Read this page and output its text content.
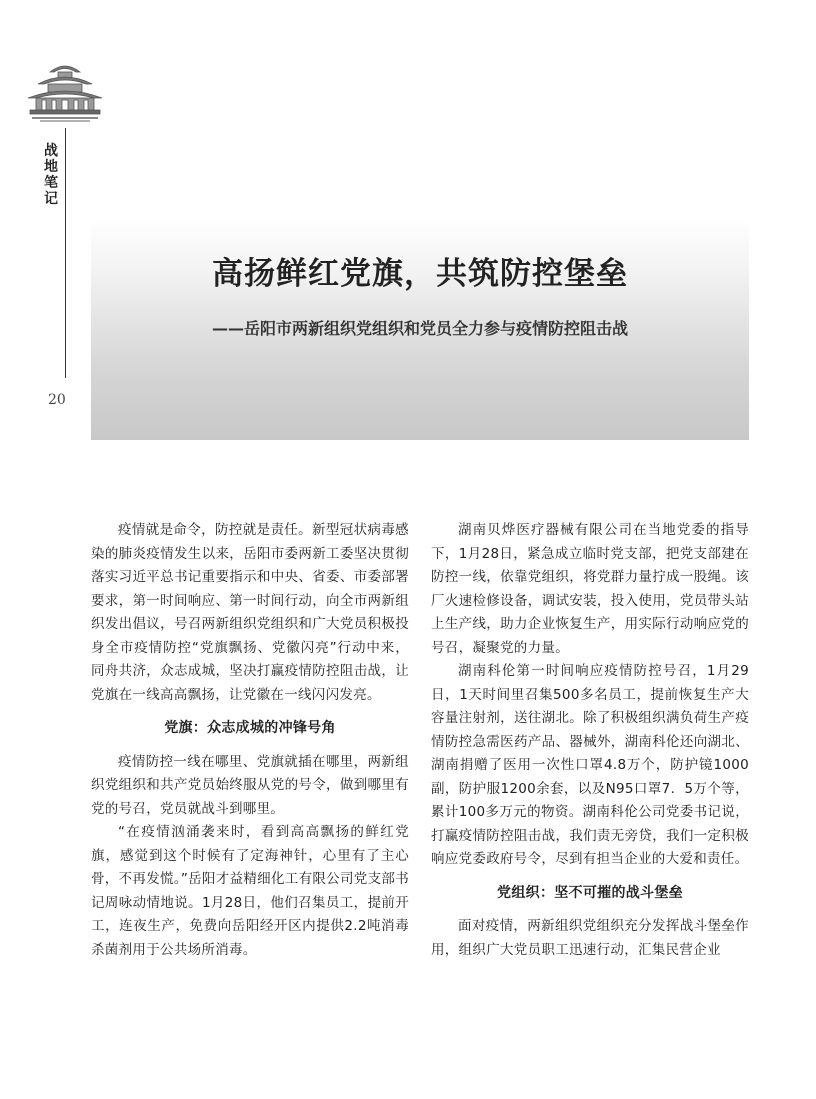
战
地
笔
记
20
高扬鲜红党旗，共筑防控堡垒
——岳阳市两新组织党组织和党员全力参与疫情防控阻击战

疫情就是命令，防控就是责任。新型冠状病毒感染的肺炎疫情发生以来，岳阳市委两新工委坚决贯彻落实习近平总书记重要指示和中央、省委、市委部署要求，第一时间响应、第一时间行动，向全市两新组织发出倡议，号召两新组织党组织和广大党员积极投身全市疫情防控“党旗飘扬、党徽闪亮”行动中来，同舟共济，众志成城，坚决打赢疫情防控阻击战，让党旗在一线高高飘扬，让党徽在一线闪闪发亮。

党旗：众志成城的冲锋号角

疫情防控一线在哪里、党旗就插在哪里，两新组织党组织和共产党员始终服从党的号令，做到哪里有党的号召，党员就战斗到哪里。

“在疫情汹涌袭来时，看到高高飘扬的鲜红党旗，感觉到这个时候有了定海神针，心里有了主心骨，不再发慌。”岳阳才益精细化工有限公司党支部书记周咏动情地说。1月28日，他们召集员工，提前开工，连夜生产，免费向岳阳经开区内提供2.2吨消毒杀菌剂用于公共场所消毒。

湖南贝烨医疗器械有限公司在当地党委的指导下，1月28日，紧急成立临时党支部，把党支部建在防控一线，依靠党组织，将党群力量拧成一股绳。该厂火速检修设备，调试安装，投入使用，党员带头站上生产线，助力企业恢复生产，用实际行动响应党的号召，凝聚党的力量。

湖南科伦第一时间响应疫情防控号召，1月29日，1天时间里召集500多名员工，提前恢复生产大容量注射剂，送往湖北。除了积极组织满负荷生产疫情防控急需医药产品、器械外，湖南科伦还向湖北、湖南捐赠了医用一次性口罩4.8万个，防护镜1000副，防护服1200余套，以及N95口罩7．5万个等，累计100多万元的物资。湖南科伦公司党委书记说，打赢疫情防控阻击战，我们责无旁贷，我们一定积极响应党委政府号令，尽到有担当企业的大爱和责任。

党组织：坚不可摧的战斗堡垒

面对疫情，两新组织党组织充分发挥战斗堡垒作用，组织广大党员职工迅速行动，汇集民营企业
